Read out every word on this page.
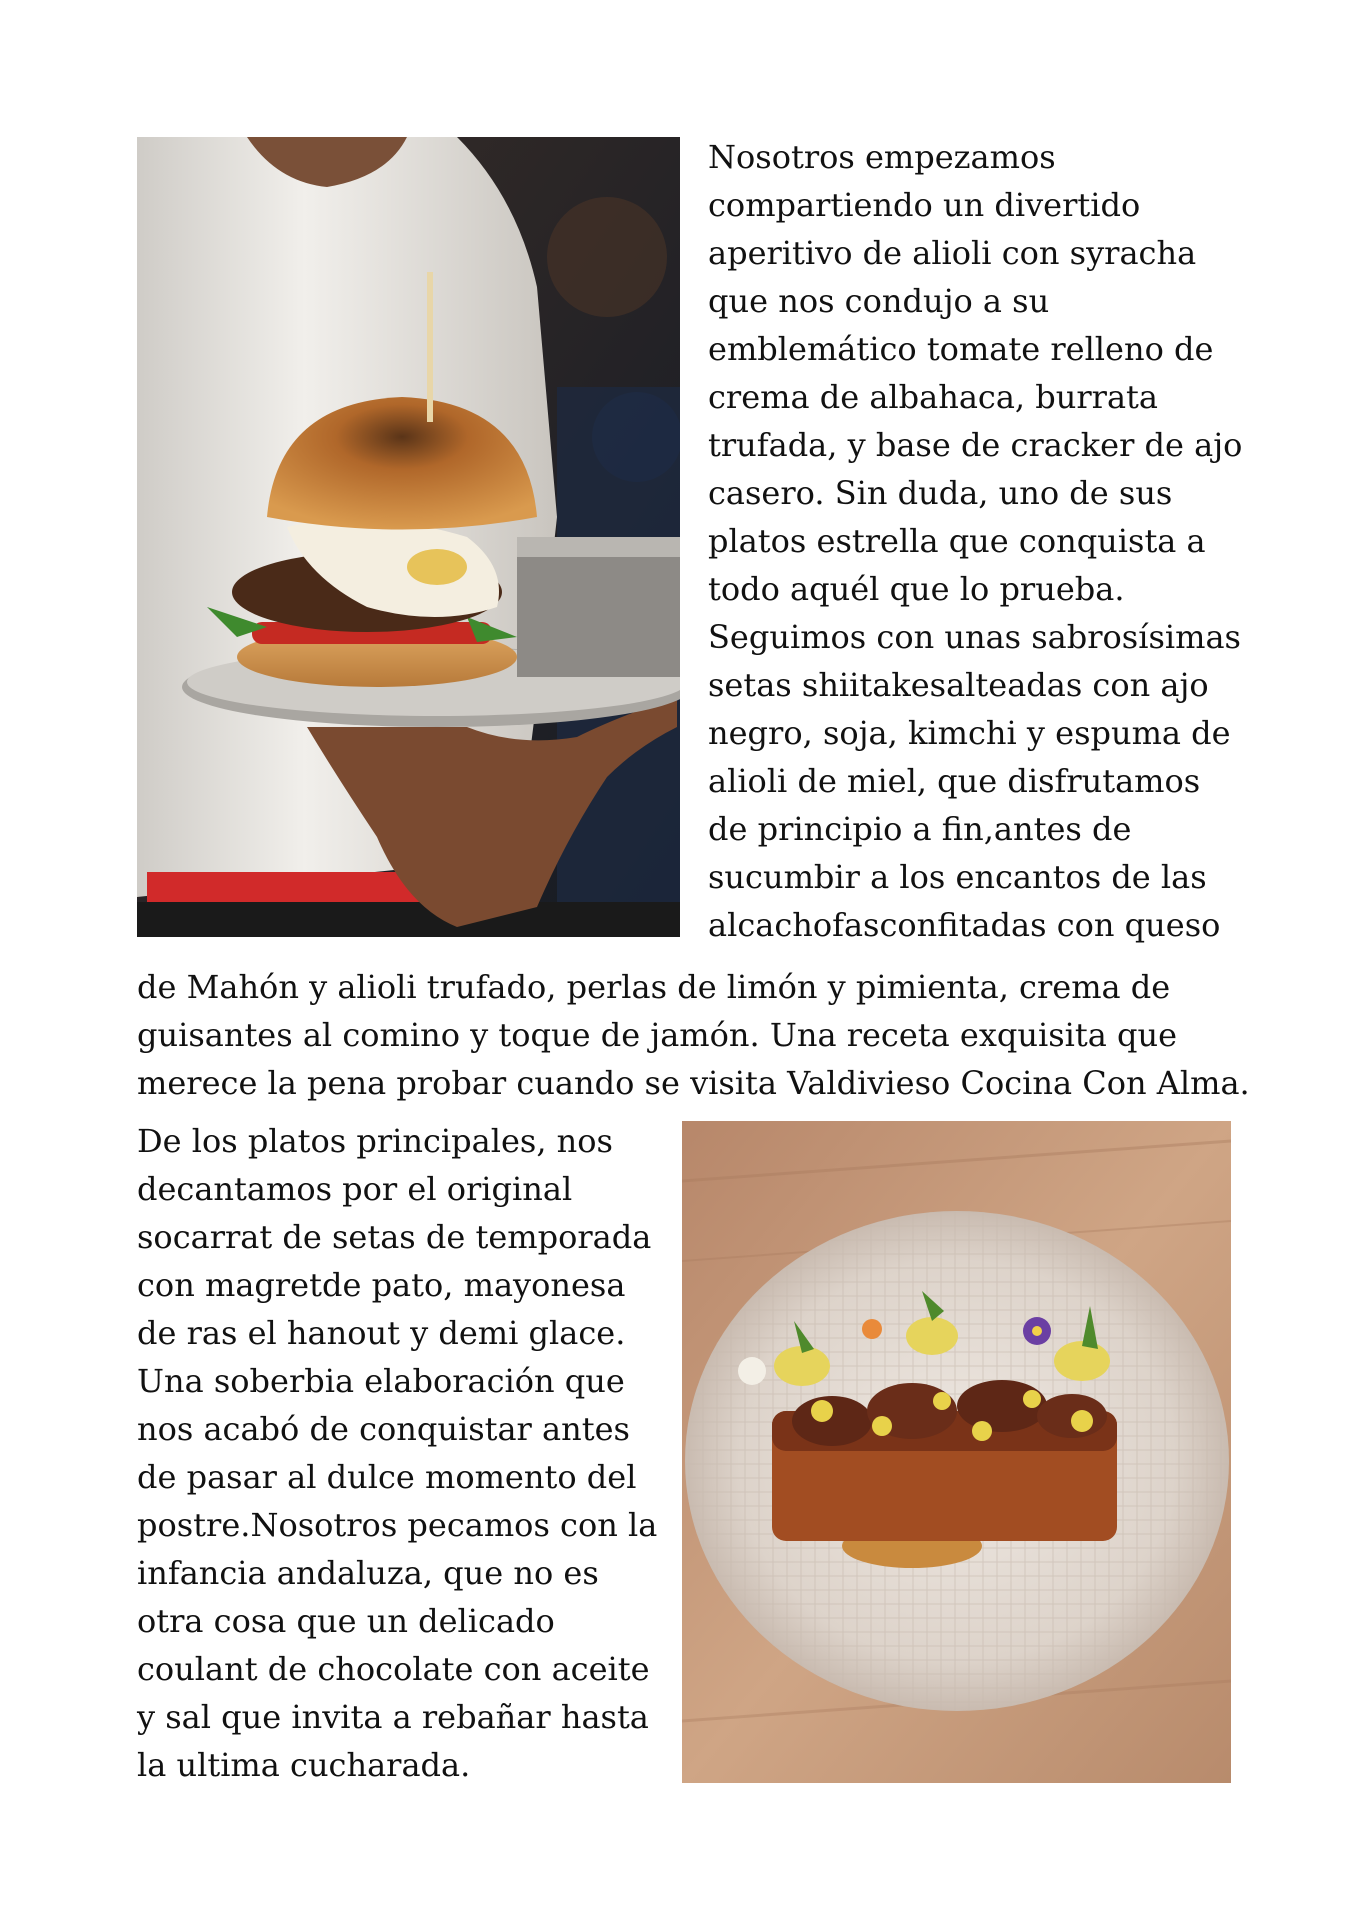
Nosotros empezamos
compartiendo un divertido
aperitivo de alioli con syracha
que nos condujo a su
emblemático tomate relleno de
crema de albahaca, burrata
trufada, y base de cracker de ajo
casero. Sin duda, uno de sus
platos estrella que conquista a
todo aquél que lo prueba.
Seguimos con unas sabrosísimas
setas shiitakesalteadas con ajo
negro, soja, kimchi y espuma de
alioli de miel, que disfrutamos
de principio a fin,antes de
sucumbir a los encantos de las
alcachofasconfitadas con queso
de Mahón y alioli trufado, perlas de limón y pimienta, crema de
guisantes al comino y toque de jamón. Una receta exquisita que
merece la pena probar cuando se visita Valdivieso Cocina Con Alma.
De los platos principales, nos
decantamos por el original
socarrat de setas de temporada
con magretde pato, mayonesa
de ras el hanout y demi glace.
Una soberbia elaboración que
nos acabó de conquistar antes
de pasar al dulce momento del
postre.Nosotros pecamos con la
infancia andaluza, que no es
otra cosa que un delicado
coulant de chocolate con aceite
y sal que invita a rebañar hasta
la ultima cucharada.
